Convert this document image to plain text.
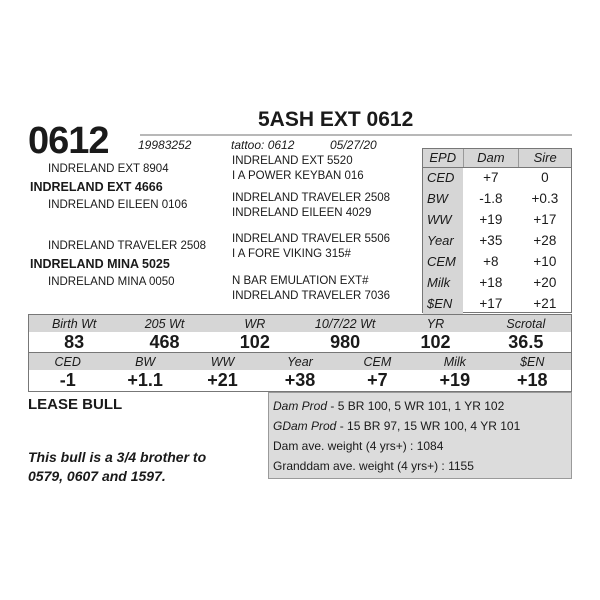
0612
5ASH EXT 0612
19983252	tattoo: 0612	05/27/20
INDRELAND EXT 8904
INDRELAND EXT 4666
INDRELAND EILEEN 0106
INDRELAND TRAVELER 2508
INDRELAND MINA 5025
INDRELAND MINA 0050
INDRELAND EXT 5520
I A POWER KEYBAN 016
INDRELAND TRAVELER 2508
INDRELAND EILEEN 4029
INDRELAND TRAVELER 5506
I A FORE VIKING 315#
N BAR EMULATION EXT#
INDRELAND TRAVELER 7036
EPD	Dam	Sire
CED	+7	0
BW	-1.8	+0.3
WW	+19	+17
Year	+35	+28
CEM	+8	+10
Milk	+18	+20
$EN	+17	+21
Birth Wt	205 Wt	WR	10/7/22 Wt	YR	Scrotal
83	468	102	980	102	36.5
CED	BW	WW	Year	CEM	Milk	$EN
-1	+1.1	+21	+38	+7	+19	+18
LEASE BULL
This bull is a 3/4 brother to 0579, 0607 and 1597.
Dam Prod - 5 BR 100, 5 WR 101, 1 YR 102
GDam Prod - 15 BR 97, 15 WR 100, 4 YR 101
Dam ave. weight (4 yrs+) : 1084
Granddam ave. weight (4 yrs+) : 1155
